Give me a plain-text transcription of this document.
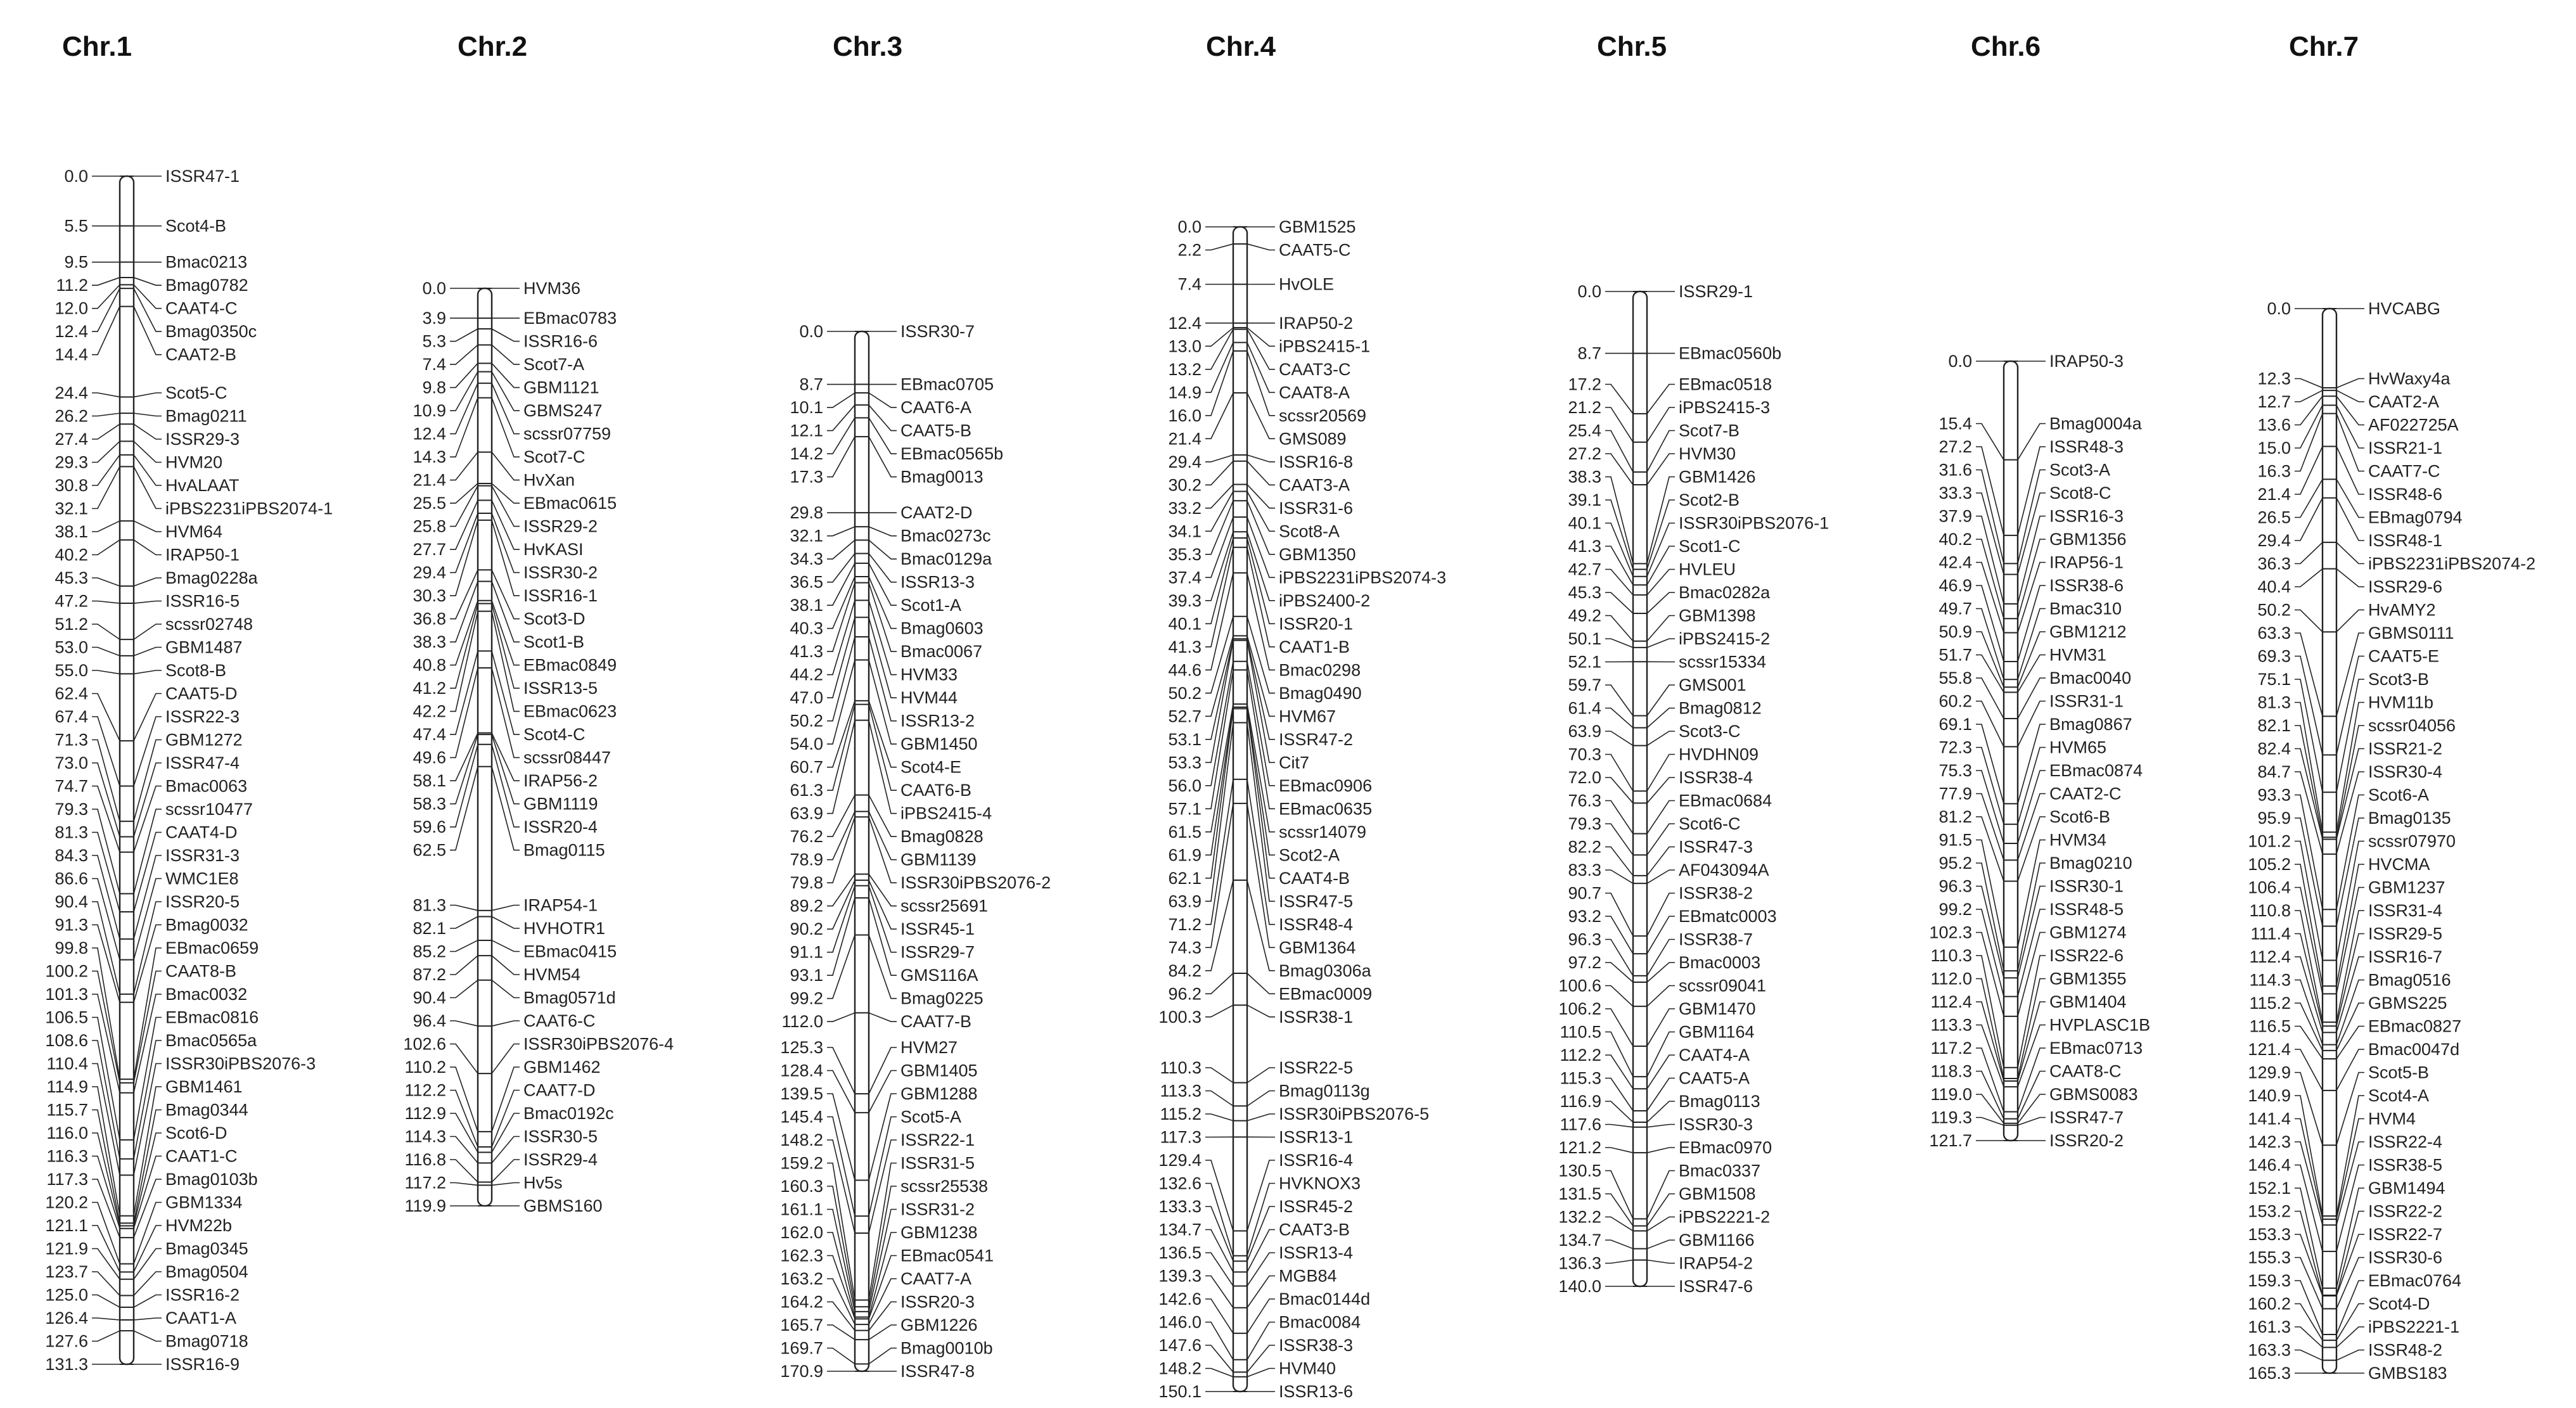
Chr.1
0.0	ISSR47-1
5.5	Scot4-B
9.5	Bmac0213
11.2	Bmag0782
12.0	CAAT4-C
12.4	Bmag0350c
14.4	CAAT2-B
24.4	Scot5-C
26.2	Bmag0211
27.4	ISSR29-3
29.3	HVM20
30.8	HvALAAT
32.1	iPBS2231iPBS2074-1
38.1	HVM64
40.2	IRAP50-1
45.3	Bmag0228a
47.2	ISSR16-5
51.2	scssr02748
53.0	GBM1487
55.0	Scot8-B
62.4	CAAT5-D
67.4	ISSR22-3
71.3	GBM1272
73.0	ISSR47-4
74.7	Bmac0063
79.3	scssr10477
81.3	CAAT4-D
84.3	ISSR31-3
86.6	WMC1E8
90.4	ISSR20-5
91.3	Bmag0032
99.8	EBmac0659
100.2	CAAT8-B
101.3	Bmac0032
106.5	EBmac0816
108.6	Bmac0565a
110.4	ISSR30iPBS2076-3
114.9	GBM1461
115.7	Bmag0344
116.0	Scot6-D
116.3	CAAT1-C
117.3	Bmag0103b
120.2	GBM1334
121.1	HVM22b
121.9	Bmag0345
123.7	Bmag0504
125.0	ISSR16-2
126.4	CAAT1-A
127.6	Bmag0718
131.3	ISSR16-9
Chr.2
0.0	HVM36
3.9	EBmac0783
5.3	ISSR16-6
7.4	Scot7-A
9.8	GBM1121
10.9	GBMS247
12.4	scssr07759
14.3	Scot7-C
21.4	HvXan
25.5	EBmac0615
25.8	ISSR29-2
27.7	HvKASI
29.4	ISSR30-2
30.3	ISSR16-1
36.8	Scot3-D
38.3	Scot1-B
40.8	EBmac0849
41.2	ISSR13-5
42.2	EBmac0623
47.4	Scot4-C
49.6	scssr08447
58.1	IRAP56-2
58.3	GBM1119
59.6	ISSR20-4
62.5	Bmag0115
81.3	IRAP54-1
82.1	HVHOTR1
85.2	EBmac0415
87.2	HVM54
90.4	Bmag0571d
96.4	CAAT6-C
102.6	ISSR30iPBS2076-4
110.2	GBM1462
112.2	CAAT7-D
112.9	Bmac0192c
114.3	ISSR30-5
116.8	ISSR29-4
117.2	Hv5s
119.9	GBMS160
Chr.3
0.0	ISSR30-7
8.7	EBmac0705
10.1	CAAT6-A
12.1	CAAT5-B
14.2	EBmac0565b
17.3	Bmag0013
29.8	CAAT2-D
32.1	Bmac0273c
34.3	Bmac0129a
36.5	ISSR13-3
38.1	Scot1-A
40.3	Bmag0603
41.3	Bmac0067
44.2	HVM33
47.0	HVM44
50.2	ISSR13-2
54.0	GBM1450
60.7	Scot4-E
61.3	CAAT6-B
63.9	iPBS2415-4
76.2	Bmag0828
78.9	GBM1139
79.8	ISSR30iPBS2076-2
89.2	scssr25691
90.2	ISSR45-1
91.1	ISSR29-7
93.1	GMS116A
99.2	Bmag0225
112.0	CAAT7-B
125.3	HVM27
128.4	GBM1405
139.5	GBM1288
145.4	Scot5-A
148.2	ISSR22-1
159.2	ISSR31-5
160.3	scssr25538
161.1	ISSR31-2
162.0	GBM1238
162.3	EBmac0541
163.2	CAAT7-A
164.2	ISSR20-3
165.7	GBM1226
169.7	Bmag0010b
170.9	ISSR47-8
Chr.4
0.0	GBM1525
2.2	CAAT5-C
7.4	HvOLE
12.4	IRAP50-2
13.0	iPBS2415-1
13.2	CAAT3-C
14.9	CAAT8-A
16.0	scssr20569
21.4	GMS089
29.4	ISSR16-8
30.2	CAAT3-A
33.2	ISSR31-6
34.1	Scot8-A
35.3	GBM1350
37.4	iPBS2231iPBS2074-3
39.3	iPBS2400-2
40.1	ISSR20-1
41.3	CAAT1-B
44.6	Bmac0298
50.2	Bmag0490
52.7	HVM67
53.1	ISSR47-2
53.3	Cit7
56.0	EBmac0906
57.1	EBmac0635
61.5	scssr14079
61.9	Scot2-A
62.1	CAAT4-B
63.9	ISSR47-5
71.2	ISSR48-4
74.3	GBM1364
84.2	Bmag0306a
96.2	EBmac0009
100.3	ISSR38-1
110.3	ISSR22-5
113.3	Bmag0113g
115.2	ISSR30iPBS2076-5
117.3	ISSR13-1
129.4	ISSR16-4
132.6	HVKNOX3
133.3	ISSR45-2
134.7	CAAT3-B
136.5	ISSR13-4
139.3	MGB84
142.6	Bmac0144d
146.0	Bmac0084
147.6	ISSR38-3
148.2	HVM40
150.1	ISSR13-6
Chr.5
0.0	ISSR29-1
8.7	EBmac0560b
17.2	EBmac0518
21.2	iPBS2415-3
25.4	Scot7-B
27.2	HVM30
38.3	GBM1426
39.1	Scot2-B
40.1	ISSR30iPBS2076-1
41.3	Scot1-C
42.7	HVLEU
45.3	Bmac0282a
49.2	GBM1398
50.1	iPBS2415-2
52.1	scssr15334
59.7	GMS001
61.4	Bmag0812
63.9	Scot3-C
70.3	HVDHN09
72.0	ISSR38-4
76.3	EBmac0684
79.3	Scot6-C
82.2	ISSR47-3
83.3	AF043094A
90.7	ISSR38-2
93.2	EBmatc0003
96.3	ISSR38-7
97.2	Bmac0003
100.6	scssr09041
106.2	GBM1470
110.5	GBM1164
112.2	CAAT4-A
115.3	CAAT5-A
116.9	Bmag0113
117.6	ISSR30-3
121.2	EBmac0970
130.5	Bmac0337
131.5	GBM1508
132.2	iPBS2221-2
134.7	GBM1166
136.3	IRAP54-2
140.0	ISSR47-6
Chr.6
0.0	IRAP50-3
15.4	Bmag0004a
27.2	ISSR48-3
31.6	Scot3-A
33.3	Scot8-C
37.9	ISSR16-3
40.2	GBM1356
42.4	IRAP56-1
46.9	ISSR38-6
49.7	Bmac310
50.9	GBM1212
51.7	HVM31
55.8	Bmac0040
60.2	ISSR31-1
69.1	Bmag0867
72.3	HVM65
75.3	EBmac0874
77.9	CAAT2-C
81.2	Scot6-B
91.5	HVM34
95.2	Bmag0210
96.3	ISSR30-1
99.2	ISSR48-5
102.3	GBM1274
110.3	ISSR22-6
112.0	GBM1355
112.4	GBM1404
113.3	HVPLASC1B
117.2	EBmac0713
118.3	CAAT8-C
119.0	GBMS0083
119.3	ISSR47-7
121.7	ISSR20-2
Chr.7
0.0	HVCABG
12.3	HvWaxy4a
12.7	CAAT2-A
13.6	AF022725A
15.0	ISSR21-1
16.3	CAAT7-C
21.4	ISSR48-6
26.5	EBmag0794
29.4	ISSR48-1
36.3	iPBS2231iPBS2074-2
40.4	ISSR29-6
50.2	HvAMY2
63.3	GBMS0111
69.3	CAAT5-E
75.1	Scot3-B
81.3	HVM11b
82.1	scssr04056
82.4	ISSR21-2
84.7	ISSR30-4
93.3	Scot6-A
95.9	Bmag0135
101.2	scssr07970
105.2	HVCMA
106.4	GBM1237
110.8	ISSR31-4
111.4	ISSR29-5
112.4	ISSR16-7
114.3	Bmag0516
115.2	GBMS225
116.5	EBmac0827
121.4	Bmac0047d
129.9	Scot5-B
140.9	Scot4-A
141.4	HVM4
142.3	ISSR22-4
146.4	ISSR38-5
152.1	GBM1494
153.2	ISSR22-2
153.3	ISSR22-7
155.3	ISSR30-6
159.3	EBmac0764
160.2	Scot4-D
161.3	iPBS2221-1
163.3	ISSR48-2
165.3	GMBS183
